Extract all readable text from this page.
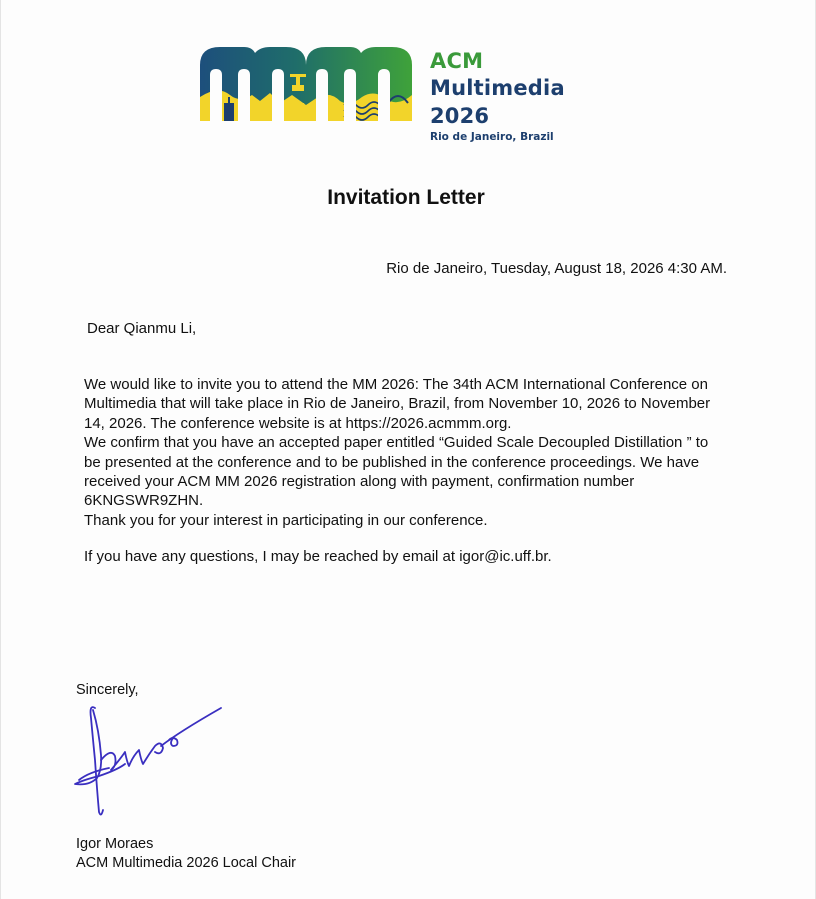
ACM
Multimedia 2026
Rio de Janeiro, Brazil
Invitation Letter
Rio de Janeiro, Tuesday, August 18, 2026 4:30 AM.
Dear Qianmu Li,

We would like to invite you to attend the MM 2026: The 34th ACM International Conference on Multimedia that will take place in Rio de Janeiro, Brazil, from November 10, 2026 to November 14, 2026. The conference website is at https://2026.acmmm.org.

We confirm that you have an accepted paper entitled “Guided Scale Decoupled Distillation ” to be presented at the conference and to be published in the conference proceedings. We have received your ACM MM 2026 registration along with payment, confirmation number 6KNGSWR9ZHN.

Thank you for your interest in participating in our conference.

If you have any questions, I may be reached by email at igor@ic.uff.br.
Sincerely,
Igor Moraes
ACM Multimedia 2026 Local Chair
